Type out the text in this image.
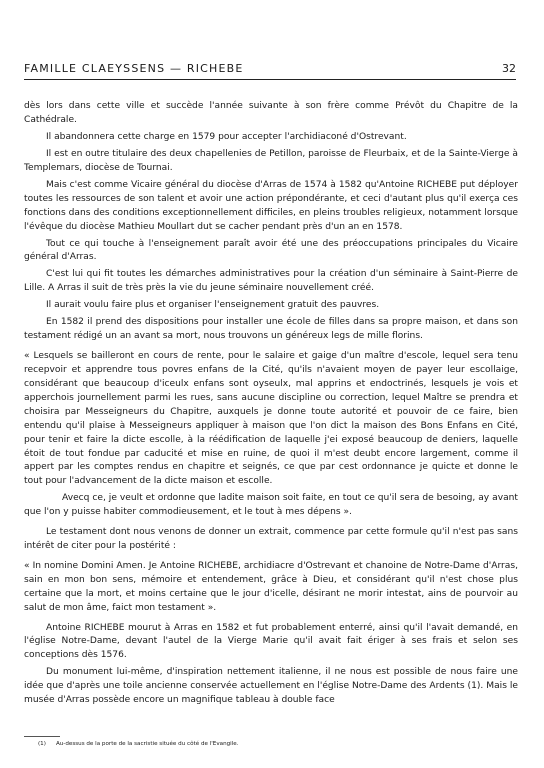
FAMILLE CLAEYSSENS — RICHEBE	32

dès lors dans cette ville et succède l'année suivante à son frère comme Prévôt du Chapitre de la Cathédrale.

Il abandonnera cette charge en 1579 pour accepter l'archidiaconé d'Ostrevant.

Il est en outre titulaire des deux chapellenies de Petillon, paroisse de Fleurbaix, et de la Sainte-Vierge à Templemars, diocèse de Tournai.

Mais c'est comme Vicaire général du diocèse d'Arras de 1574 à 1582 qu'Antoine RICHEBE put déployer toutes les ressources de son talent et avoir une action prépondérante, et ceci d'autant plus qu'il exerça ces fonctions dans des conditions exceptionnellement difficiles, en pleins troubles religieux, notamment lorsque l'évêque du diocèse Mathieu Moullart dut se cacher pendant près d'un an en 1578.

Tout ce qui touche à l'enseignement paraît avoir été une des préoccupations principales du Vicaire général d'Arras.

C'est lui qui fit toutes les démarches administratives pour la création d'un séminaire à Saint-Pierre de Lille. A Arras il suit de très près la vie du jeune séminaire nouvellement créé.

Il aurait voulu faire plus et organiser l'enseignement gratuit des pauvres.

En 1582 il prend des dispositions pour installer une école de filles dans sa propre maison, et dans son testament rédigé un an avant sa mort, nous trouvons un généreux legs de mille florins.

« Lesquels se bailleront en cours de rente, pour le salaire et gaige d'un maître d'escole, lequel sera tenu recepvoir et apprendre tous povres enfans de la Cité, qu'ils n'avaient moyen de payer leur escollaige, considérant que beaucoup d'iceulx enfans sont oyseulx, mal apprins et endoctrinés, lesquels je vois et apperchois journellement parmi les rues, sans aucune discipline ou correction, lequel Maître se prendra et choisira par Messeigneurs du Chapitre, auxquels je donne toute autorité et pouvoir de ce faire, bien entendu qu'il plaise à Messeigneurs appliquer à maison que l'on dict la maison des Bons Enfans en Cité, pour tenir et faire la dicte escolle, à la réédification de laquelle j'ei exposé beaucoup de deniers, laquelle étoit de tout fondue par caducité et mise en ruine, de quoi il m'est deubt encore largement, comme il appert par les comptes rendus en chapitre et seignés, ce que par cest ordonnance je quicte et donne le tout pour l'advancement de la dicte maison et escolle.

Avecq ce, je veult et ordonne que ladite maison soit faite, en tout ce qu'il sera de besoing, ay avant que l'on y puisse habiter commodieusement, et le tout à mes dépens ».

Le testament dont nous venons de donner un extrait, commence par cette formule qu'il n'est pas sans intérêt de citer pour la postérité :

« In nomine Domini Amen. Je Antoine RICHEBE, archidiacre d'Ostrevant et chanoine de Notre-Dame d'Arras, sain en mon bon sens, mémoire et entendement, grâce à Dieu, et considérant qu'il n'est chose plus certaine que la mort, et moins certaine que le jour d'icelle, désirant ne morir intestat, ains de pourvoir au salut de mon âme, faict mon testament ».

Antoine RICHEBE mourut à Arras en 1582 et fut probablement enterré, ainsi qu'il l'avait demandé, en l'église Notre-Dame, devant l'autel de la Vierge Marie qu'il avait fait ériger à ses frais et selon ses conceptions dès 1576.

Du monument lui-même, d'inspiration nettement italienne, il ne nous est possible de nous faire une idée que d'après une toile ancienne conservée actuellement en l'église Notre-Dame des Ardents (1). Mais le musée d'Arras possède encore un magnifique tableau à double face

(1) Au-dessus de la porte de la sacristie située du côté de l'Evangile.
